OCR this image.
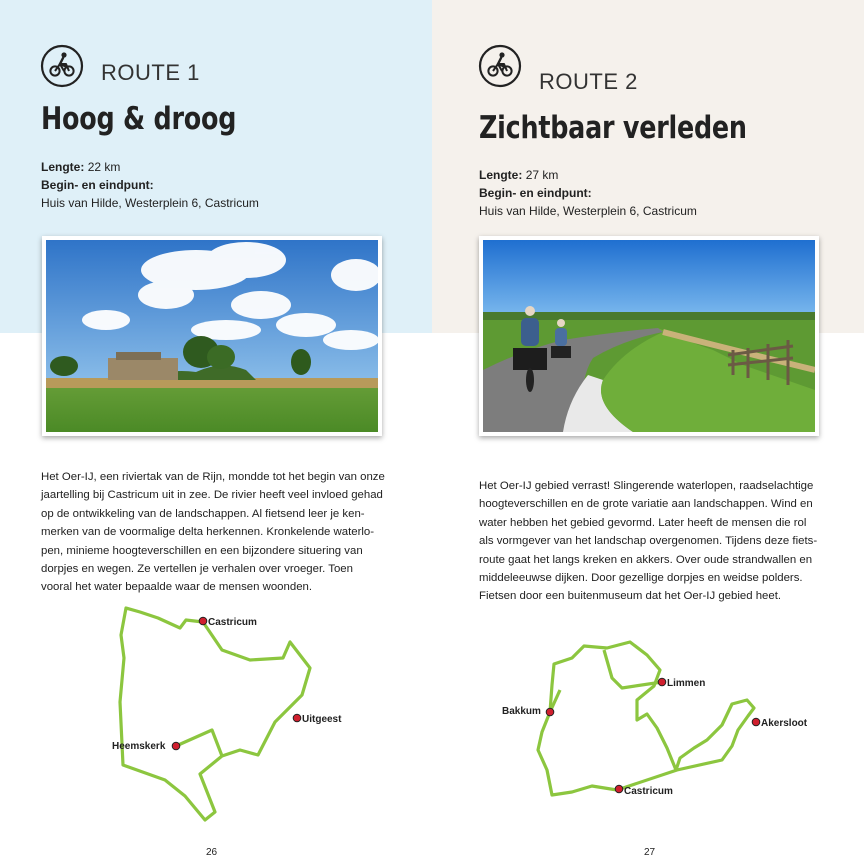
ROUTE 1
Hoog & droog
Lengte: 22 km
Begin- en eindpunt:
Huis van Hilde, Westerplein 6, Castricum
Het Oer-IJ, een riviertak van de Rijn, mondde tot het begin van onze
jaartelling bij Castricum uit in zee. De rivier heeft veel invloed gehad
op de ontwikkeling van de landschappen. Al fietsend leer je ken-
merken van de voormalige delta herkennen. Kronkelende waterlo-
pen, minieme hoogteverschillen en een bijzondere situering van
dorpjes en wegen. Ze vertellen je verhalen over vroeger. Toen
vooral het water bepaalde waar de mensen woonden.
Castricum
Uitgeest
Heemskerk
26
ROUTE 2
Zichtbaar verleden
Lengte: 27 km
Begin- en eindpunt:
Huis van Hilde, Westerplein 6, Castricum
Het Oer-IJ gebied verrast! Slingerende waterlopen, raadselachtige
hoogteverschillen en de grote variatie aan landschappen. Wind en
water hebben het gebied gevormd. Later heeft de mensen die rol
als vormgever van het landschap overgenomen. Tijdens deze fiets-
route gaat het langs kreken en akkers. Over oude strandwallen en
middeleeuwse dijken. Door gezellige dorpjes en weidse polders.
Fietsen door een buitenmuseum dat het Oer-IJ gebied heet.
Limmen
Bakkum
Akersloot
Castricum
27
